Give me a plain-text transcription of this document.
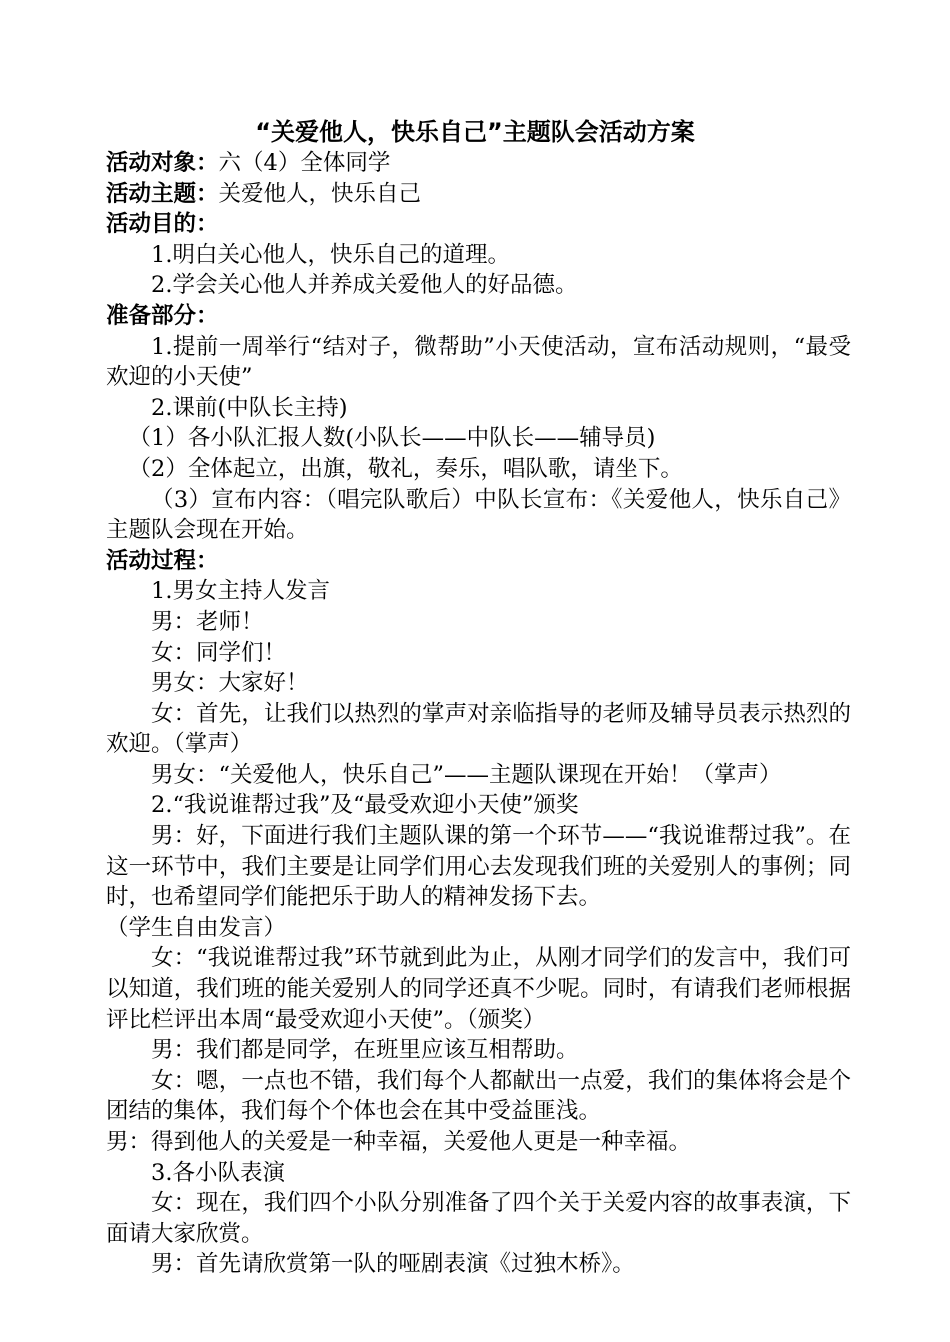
“关爱他人，快乐自己”主题队会活动方案

活动对象：六（4）全体同学

活动主题：关爱他人，快乐自己

活动目的：

1.明白关心他人，快乐自己的道理。

2.学会关心他人并养成关爱他人的好品德。

准备部分：

1.提前一周举行“结对子，微帮助”小天使活动，宣布活动规则，“最受欢迎的小天使”

2.课前(中队长主持)

（1）各小队汇报人数(小队长——中队长——辅导员)

（2）全体起立，出旗，敬礼，奏乐，唱队歌，请坐下。

（3）宣布内容：（唱完队歌后）中队长宣布：《关爱他人，快乐自己》主题队会现在开始。

活动过程：

1.男女主持人发言

男：老师！

女：同学们！

男女：大家好！

女：首先，让我们以热烈的掌声对亲临指导的老师及辅导员表示热烈的欢迎。（掌声）

男女：“关爱他人，快乐自己”——主题队课现在开始！（掌声）

2.“我说谁帮过我”及“最受欢迎小天使”颁奖

男：好，下面进行我们主题队课的第一个环节——“我说谁帮过我”。在这一环节中，我们主要是让同学们用心去发现我们班的关爱别人的事例；同时，也希望同学们能把乐于助人的精神发扬下去。

（学生自由发言）

女：“我说谁帮过我”环节就到此为止，从刚才同学们的发言中，我们可以知道，我们班的能关爱别人的同学还真不少呢。同时，有请我们老师根据评比栏评出本周“最受欢迎小天使”。（颁奖）

男：我们都是同学，在班里应该互相帮助。

女：嗯，一点也不错，我们每个人都献出一点爱，我们的集体将会是个团结的集体，我们每个个体也会在其中受益匪浅。

男：得到他人的关爱是一种幸福，关爱他人更是一种幸福。

3.各小队表演

女：现在，我们四个小队分别准备了四个关于关爱内容的故事表演，下面请大家欣赏。

男：首先请欣赏第一队的哑剧表演《过独木桥》。
